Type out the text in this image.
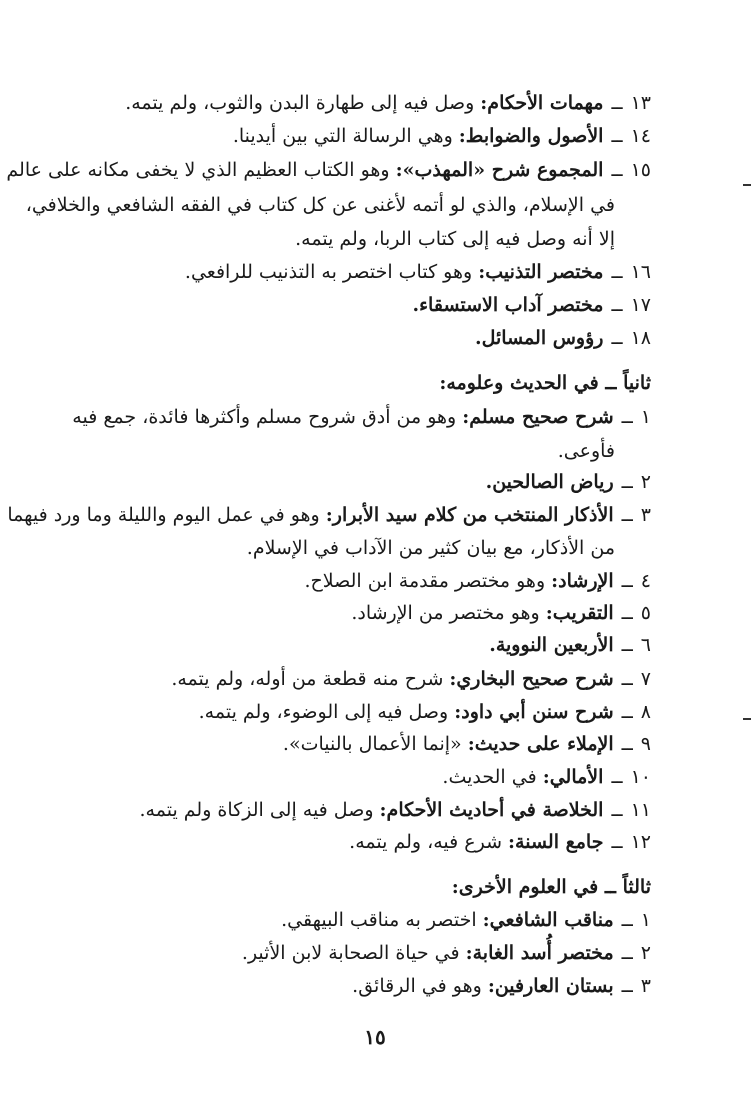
١٣ــمهمات الأحكام: وصل فيه إلى طهارة البدن والثوب، ولم يتمه.
١٤ــالأصول والضوابط: وهي الرسالة التي بين أيدينا.
١٥ــالمجموع شرح «المهذب»: وهو الكتاب العظيم الذي لا يخفى مكانه على عالم
في الإسلام، والذي لو أتمه لأغنى عن كل كتاب في الفقه الشافعي والخلافي،
إلا أنه وصل فيه إلى كتاب الربا، ولم يتمه.
١٦ــمختصر التذنيب: وهو كتاب اختصر به التذنيب للرافعي.
١٧ــمختصر آداب الاستسقاء.
١٨ــرؤوس المسائل.
ثانياً ــ في الحديث وعلومه:
١ــشرح صحيح مسلم: وهو من أدق شروح مسلم وأكثرها فائدة، جمع فيه
فأوعى.
٢ــرياض الصالحين.
٣ــالأذكار المنتخب من كلام سيد الأبرار: وهو في عمل اليوم والليلة وما ورد فيهما
من الأذكار، مع بيان كثير من الآداب في الإسلام.
٤ــالإرشاد: وهو مختصر مقدمة ابن الصلاح.
٥ــالتقريب: وهو مختصر من الإرشاد.
٦ــالأربعين النووية.
٧ــشرح صحيح البخاري: شرح منه قطعة من أوله، ولم يتمه.
٨ــشرح سنن أبي داود: وصل فيه إلى الوضوء، ولم يتمه.
٩ــالإملاء على حديث: «إنما الأعمال بالنيات».
١٠ــالأمالي: في الحديث.
١١ــالخلاصة في أحاديث الأحكام: وصل فيه إلى الزكاة ولم يتمه.
١٢ــجامع السنة: شرع فيه، ولم يتمه.
ثالثاً ــ في العلوم الأخرى:
١ــمناقب الشافعي: اختصر به مناقب البيهقي.
٢ــمختصر أُسد الغابة: في حياة الصحابة لابن الأثير.
٣ــبستان العارفين: وهو في الرقائق.
١٥
